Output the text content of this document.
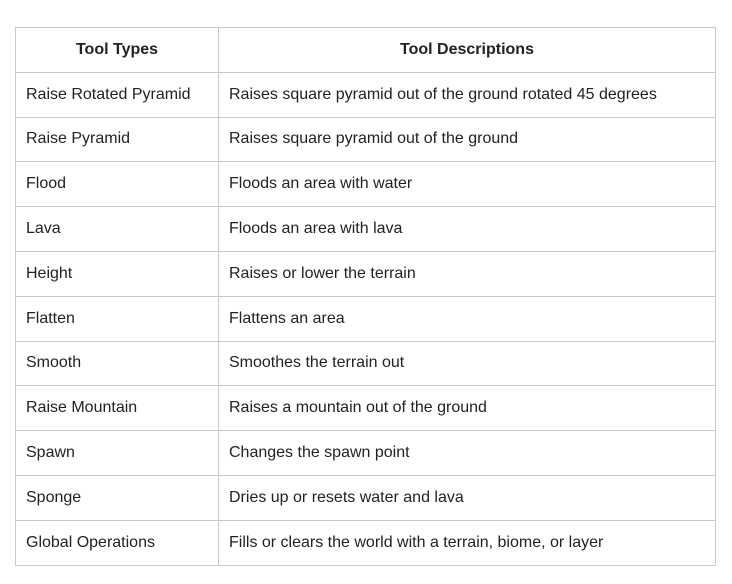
Tool Types	Tool Descriptions
Raise Rotated Pyramid	Raises square pyramid out of the ground rotated 45 degrees
Raise Pyramid	Raises square pyramid out of the ground
Flood	Floods an area with water
Lava	Floods an area with lava
Height	Raises or lower the terrain
Flatten	Flattens an area
Smooth	Smoothes the terrain out
Raise Mountain	Raises a mountain out of the ground
Spawn	Changes the spawn point
Sponge	Dries up or resets water and lava
Global Operations	Fills or clears the world with a terrain, biome, or layer
